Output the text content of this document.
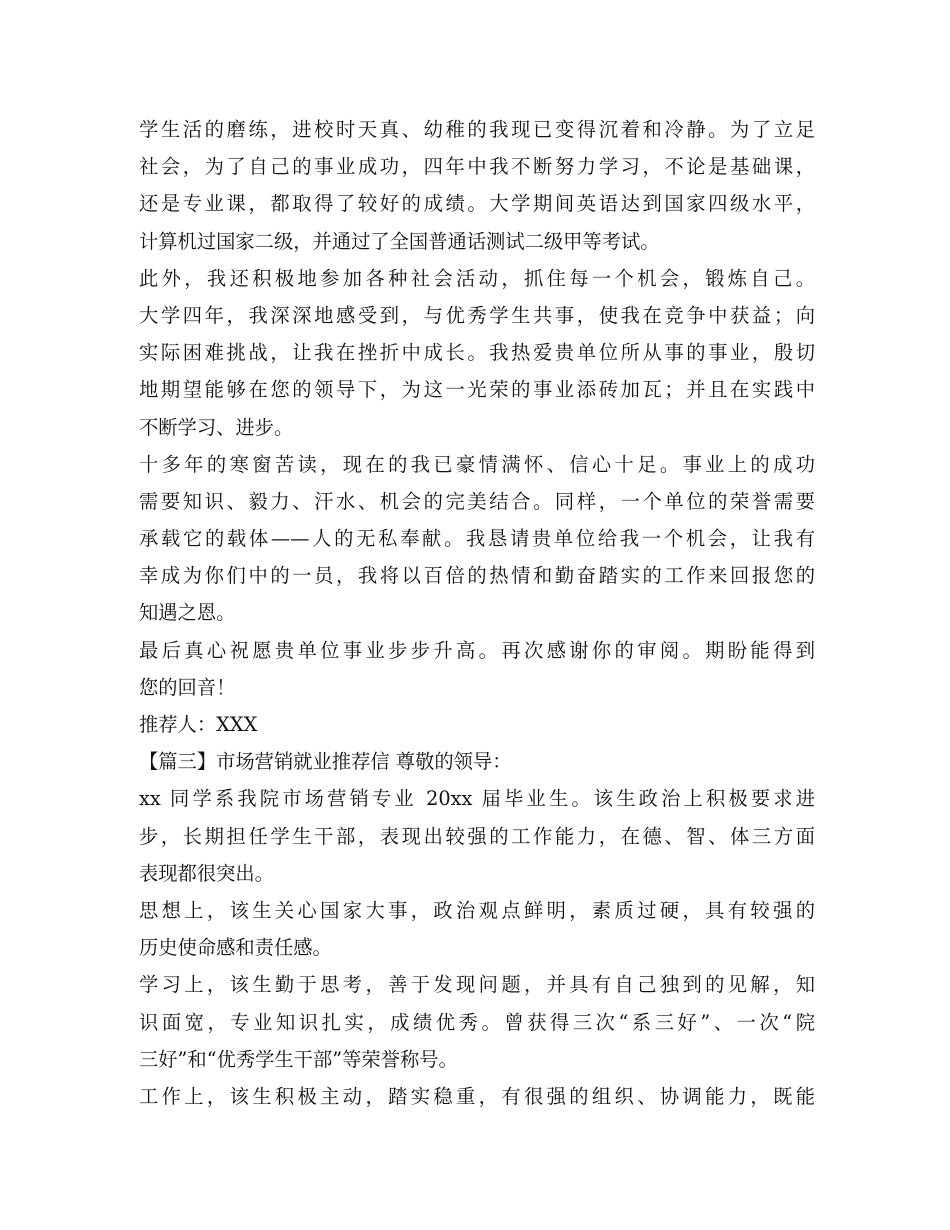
学生活的磨练，进校时天真、幼稚的我现已变得沉着和冷静。为了立足
社会，为了自己的事业成功，四年中我不断努力学习，不论是基础课，
还是专业课，都取得了较好的成绩。大学期间英语达到国家四级水平，
计算机过国家二级，并通过了全国普通话测试二级甲等考试。
此外，我还积极地参加各种社会活动，抓住每一个机会，锻炼自己。
大学四年，我深深地感受到，与优秀学生共事，使我在竞争中获益；向
实际困难挑战，让我在挫折中成长。我热爱贵单位所从事的事业，殷切
地期望能够在您的领导下，为这一光荣的事业添砖加瓦；并且在实践中
不断学习、进步。
十多年的寒窗苦读，现在的我已豪情满怀、信心十足。事业上的成功
需要知识、毅力、汗水、机会的完美结合。同样，一个单位的荣誉需要
承载它的载体——人的无私奉献。我恳请贵单位给我一个机会，让我有
幸成为你们中的一员，我将以百倍的热情和勤奋踏实的工作来回报您的
知遇之恩。
最后真心祝愿贵单位事业步步升高。再次感谢你的审阅。期盼能得到
您的回音！
推荐人：XXX
【篇三】市场营销就业推荐信 尊敬的领导：
xx 同学系我院市场营销专业 20xx 届毕业生。该生政治上积极要求进
步，长期担任学生干部，表现出较强的工作能力，在德、智、体三方面
表现都很突出。
思想上，该生关心国家大事，政治观点鲜明，素质过硬，具有较强的
历史使命感和责任感。
学习上，该生勤于思考，善于发现问题，并具有自己独到的见解，知
识面宽，专业知识扎实，成绩优秀。曾获得三次“系三好”、一次“院
三好”和“优秀学生干部”等荣誉称号。
工作上，该生积极主动，踏实稳重，有很强的组织、协调能力，既能
